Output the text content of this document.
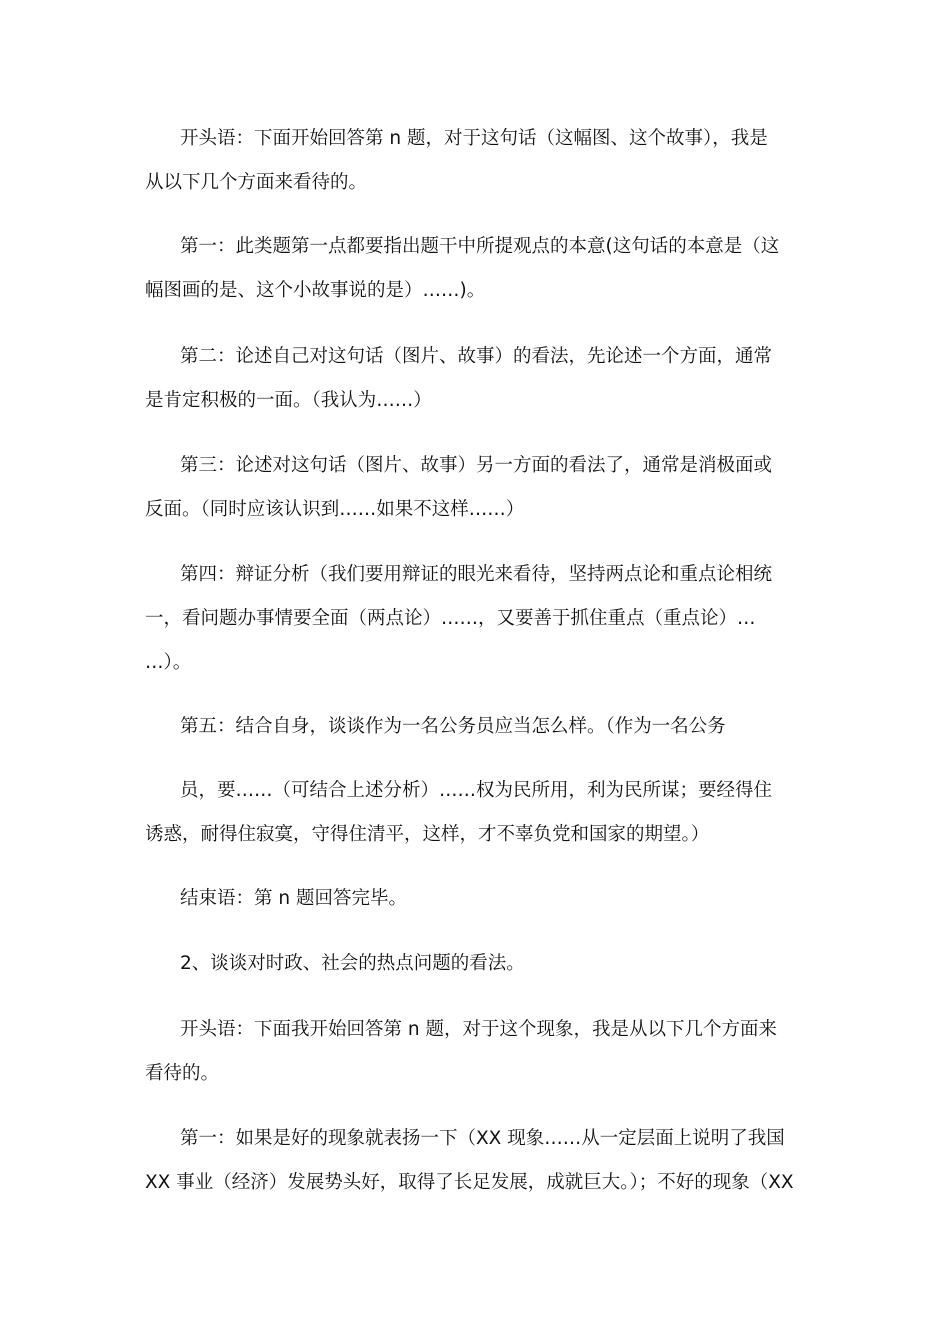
开头语：下面开始回答第 n 题，对于这句话（这幅图、这个故事），我是
从以下几个方面来看待的。
第一：此类题第一点都要指出题干中所提观点的本意(这句话的本意是（这
幅图画的是、这个小故事说的是）……)。
第二：论述自己对这句话（图片、故事）的看法，先论述一个方面，通常
是肯定积极的一面。（我认为……）
第三：论述对这句话（图片、故事）另一方面的看法了，通常是消极面或
反面。（同时应该认识到……如果不这样……）
第四：辩证分析（我们要用辩证的眼光来看待，坚持两点论和重点论相统
一，看问题办事情要全面（两点论）……，又要善于抓住重点（重点论）…
…）。
第五：结合自身，谈谈作为一名公务员应当怎么样。（作为一名公务
员，要……（可结合上述分析）……权为民所用，利为民所谋；要经得住
诱惑，耐得住寂寞，守得住清平，这样，才不辜负党和国家的期望。）
结束语：第 n 题回答完毕。
2、谈谈对时政、社会的热点问题的看法。
开头语：下面我开始回答第 n 题，对于这个现象，我是从以下几个方面来
看待的。
第一：如果是好的现象就表扬一下（XX 现象……从一定层面上说明了我国
XX 事业（经济）发展势头好，取得了长足发展，成就巨大。）；不好的现象（XX
